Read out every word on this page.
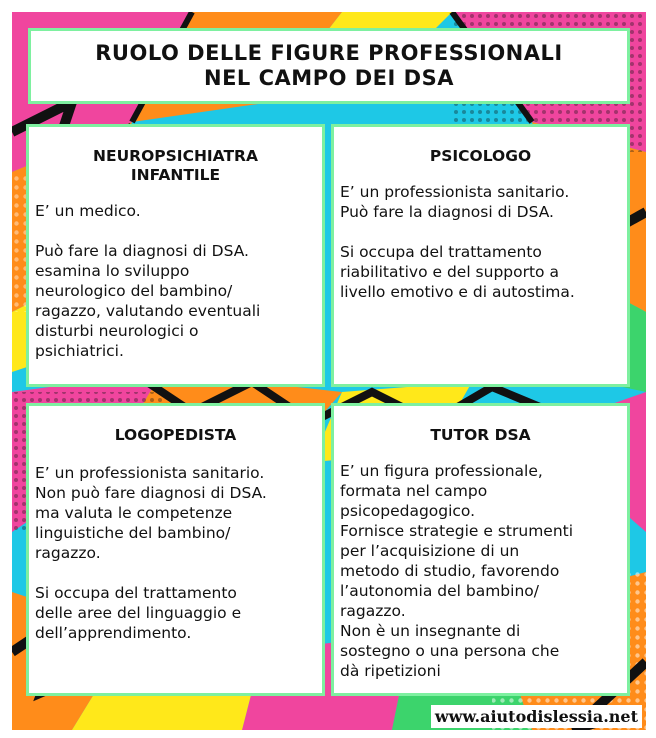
RUOLO DELLE FIGURE PROFESSIONALI
NEL CAMPO DEI DSA
NEUROPSICHIATRA
INFANTILE

E’ un medico.

Può fare la diagnosi di DSA.

esamina lo sviluppo

neurologico del bambino/

ragazzo, valutando eventuali

disturbi neurologici o

psichiatrici.

PSICOLOGO

E’ un professionista sanitario.

Può fare la diagnosi di DSA.

Si occupa del trattamento

riabilitativo e del supporto a

livello emotivo e di autostima.

LOGOPEDISTA

E’ un professionista sanitario.

Non può fare diagnosi di DSA.

ma valuta le competenze

linguistiche del bambino/

ragazzo.

Si occupa del trattamento

delle aree del linguaggio e

dell’apprendimento.

TUTOR DSA

E’ un figura professionale,

formata nel campo

psicopedagogico.

Fornisce strategie e strumenti

per l’acquisizione di un

metodo di studio, favorendo

l’autonomia del bambino/

ragazzo.

Non è un insegnante di

sostegno o una persona che

dà ripetizioni

www.aiutodislessia.net
